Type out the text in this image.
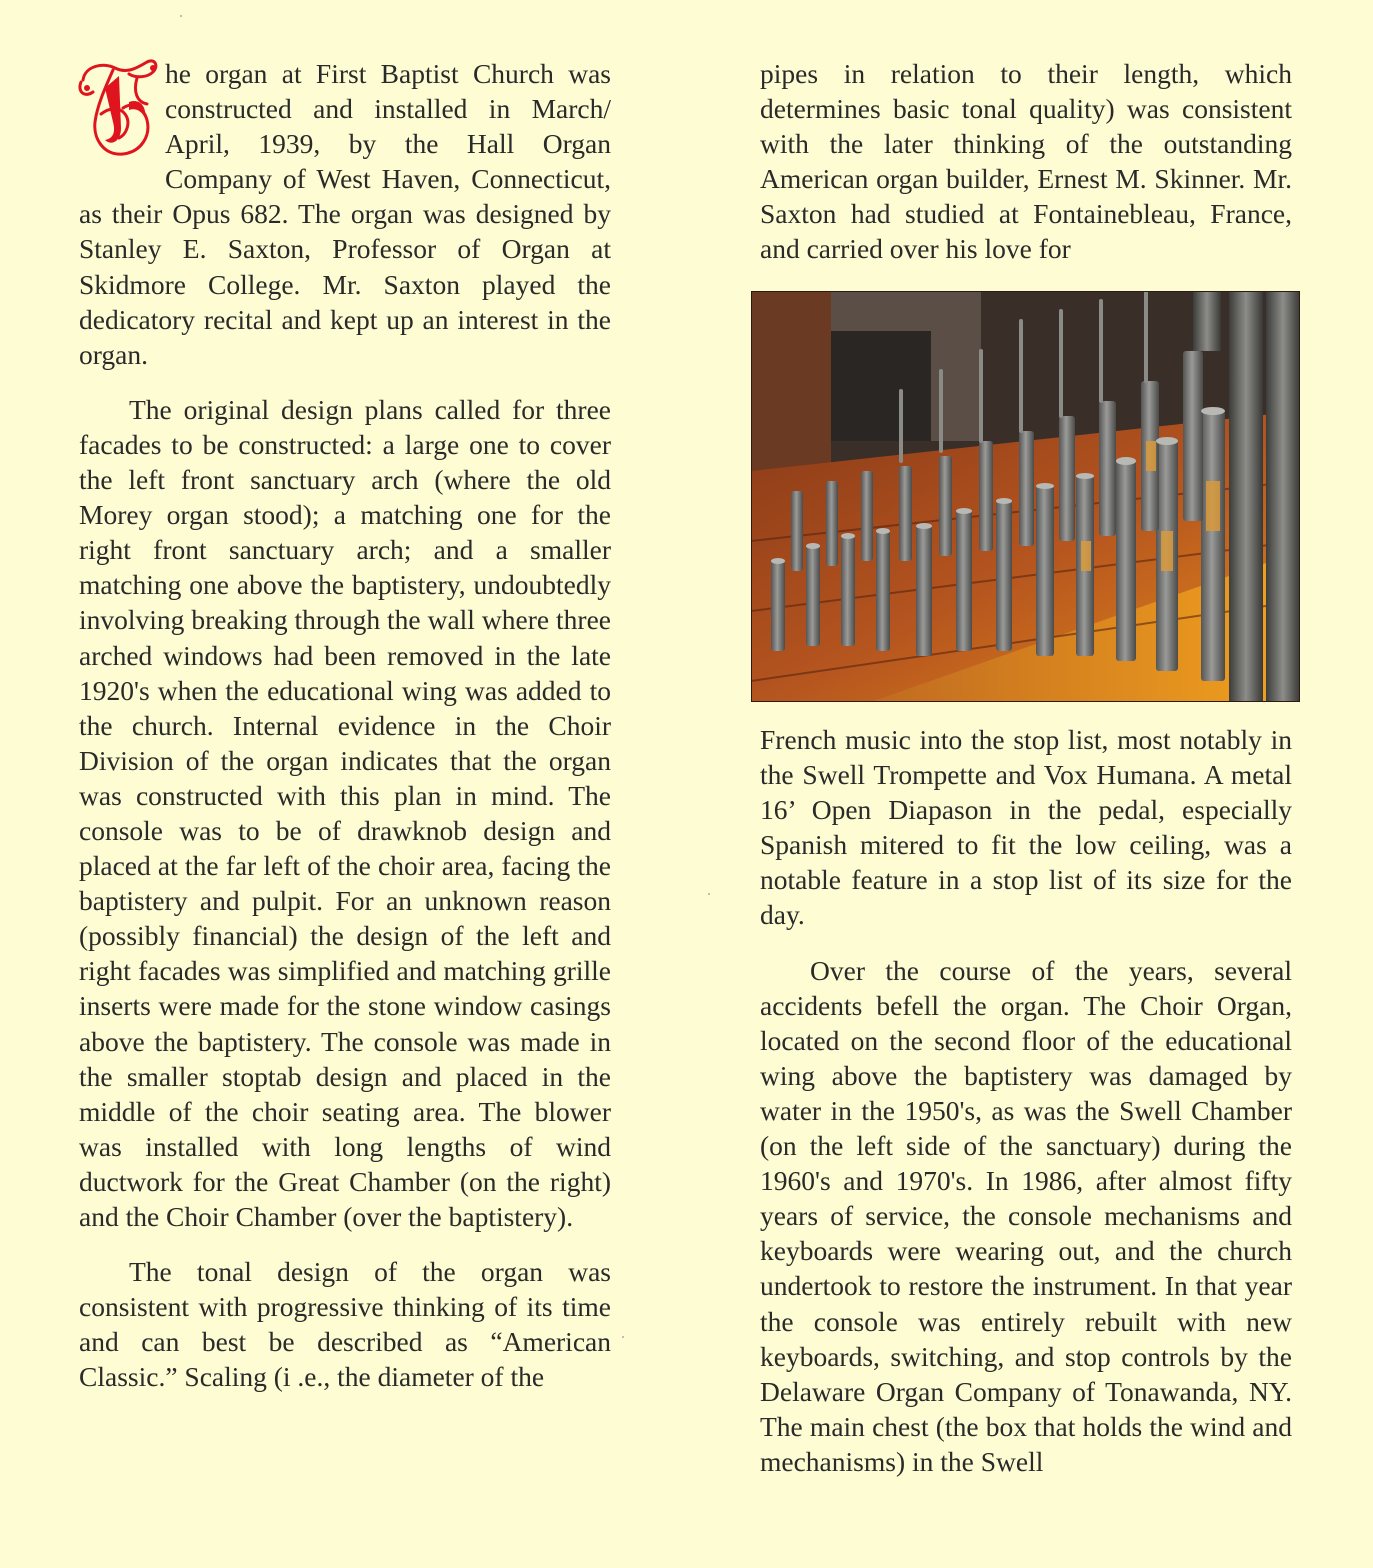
he organ at First Baptist Church was constructed and installed in March/ April, 1939, by the Hall Organ Company of West Haven, Connecticut, as their Opus 682. The organ was designed by Stanley E. Saxton, Professor of Organ at Skidmore College. Mr. Saxton played the dedicatory recital and kept up an interest in the organ.

The original design plans called for three facades to be constructed: a large one to cover the left front sanctuary arch (where the old Morey organ stood); a matching one for the right front sanctuary arch; and a smaller matching one above the baptistery, undoubtedly involving breaking through the wall where three arched windows had been removed in the late 1920's when the educational wing was added to the church. Internal evidence in the Choir Division of the organ indicates that the organ was constructed with this plan in mind. The console was to be of drawknob design and placed at the far left of the choir area, facing the baptistery and pulpit. For an unknown reason (possibly financial) the design of the left and right facades was simplified and matching grille inserts were made for the stone window casings above the baptistery. The console was made in the smaller stoptab design and placed in the middle of the choir seating area. The blower was installed with long lengths of wind ductwork for the Great Chamber (on the right) and the Choir Chamber (over the baptistery).

The tonal design of the organ was consistent with progressive thinking of its time and can best be described as “American Classic.” Scaling (i .e., the diameter of the

pipes in relation to their length, which determines basic tonal quality) was consistent with the later thinking of the outstanding American organ builder, Ernest M. Skinner. Mr. Saxton had studied at Fontainebleau, France, and carried over his love for

French music into the stop list, most notably in the Swell Trompette and Vox Humana. A metal 16’ Open Diapason in the pedal, especially Spanish mitered to fit the low ceiling, was a notable feature in a stop list of its size for the day.

Over the course of the years, several accidents befell the organ. The Choir Organ, located on the second floor of the educational wing above the baptistery was damaged by water in the 1950's, as was the Swell Chamber (on the left side of the sanctuary) during the 1960's and 1970's. In 1986, after almost fifty years of service, the console mechanisms and keyboards were wearing out, and the church undertook to restore the instrument. In that year the console was entirely rebuilt with new keyboards, switching, and stop controls by the Delaware Organ Company of Tonawanda, NY. The main chest (the box that holds the wind and mechanisms) in the Swell
